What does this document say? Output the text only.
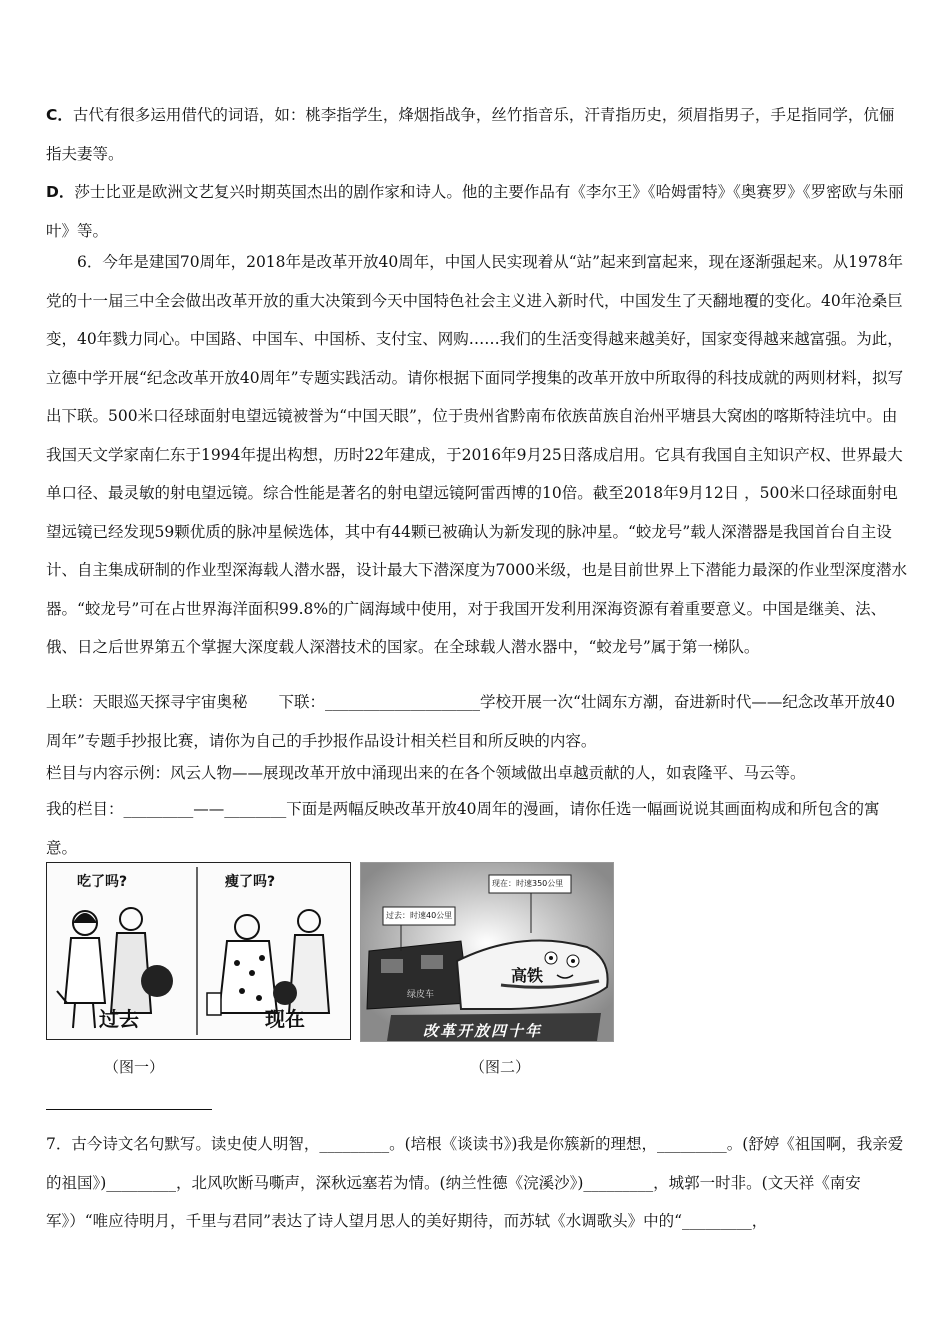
C．古代有很多运用借代的词语，如：桃李指学生，烽烟指战争，丝竹指音乐，汗青指历史，须眉指男子，手足指同学，伉俪指夫妻等。

D．莎士比亚是欧洲文艺复兴时期英国杰出的剧作家和诗人。他的主要作品有《李尔王》《哈姆雷特》《奥赛罗》《罗密欧与朱丽叶》等。

6．今年是建国70周年，2018年是改革开放40周年，中国人民实现着从“站”起来到富起来，现在逐渐强起来。从1978年党的十一届三中全会做出改革开放的重大决策到今天中国特色社会主义进入新时代，中国发生了天翻地覆的变化。40年沧桑巨变，40年戮力同心。中国路、中国车、中国桥、支付宝、网购……我们的生活变得越来越美好，国家变得越来越富强。为此，立德中学开展“纪念改革开放40周年”专题实践活动。请你根据下面同学搜集的改革开放中所取得的科技成就的两则材料，拟写出下联。500米口径球面射电望远镜被誉为“中国天眼”，位于贵州省黔南布依族苗族自治州平塘县大窝凼的喀斯特洼坑中。由我国天文学家南仁东于1994年提出构想，历时22年建成，于2016年9月25日落成启用。它具有我国自主知识产权、世界最大单口径、最灵敏的射电望远镜。综合性能是著名的射电望远镜阿雷西博的10倍。截至2018年9月12日 ，500米口径球面射电望远镜已经发现59颗优质的脉冲星候选体，其中有44颗已被确认为新发现的脉冲星。“蛟龙号”载人深潜器是我国首台自主设计、自主集成研制的作业型深海载人潜水器，设计最大下潜深度为7000米级，也是目前世界上下潜能力最深的作业型深度潜水器。“蛟龙号”可在占世界海洋面积99.8%的广阔海域中使用，对于我国开发利用深海资源有着重要意义。中国是继美、法、俄、日之后世界第五个掌握大深度载人深潜技术的国家。在全球载人潜水器中，“蛟龙号”属于第一梯队。

上联：天眼巡天探寻宇宙奥秘　　下联：____________________学校开展一次“壮阔东方潮，奋进新时代——纪念改革开放40周年”专题手抄报比赛，请你为自己的手抄报作品设计相关栏目和所反映的内容。

栏目与内容示例：风云人物——展现改革开放中涌现出来的在各个领域做出卓越贡献的人，如袁隆平、马云等。

我的栏目：_________——________下面是两幅反映改革开放40周年的漫画，请你任选一幅画说说其画面构成和所包含的寓意。

吃了吗?	瘦了吗?
过去	现在
过去：时速40公里
现在：时速350公里
绿皮车
高铁
改革开放四十年
（图一）	（图二）

7．古今诗文名句默写。读史使人明智，_________。(培根《谈读书》)我是你簇新的理想，_________。(舒婷《祖国啊，我亲爱的祖国》)_________，北风吹断马嘶声，深秋远塞若为情。(纳兰性德《浣溪沙》)_________，城郭一时非。(文天祥《南安军》）“唯应待明月，千里与君同”表达了诗人望月思人的美好期待，而苏轼《水调歌头》中的“_________，
